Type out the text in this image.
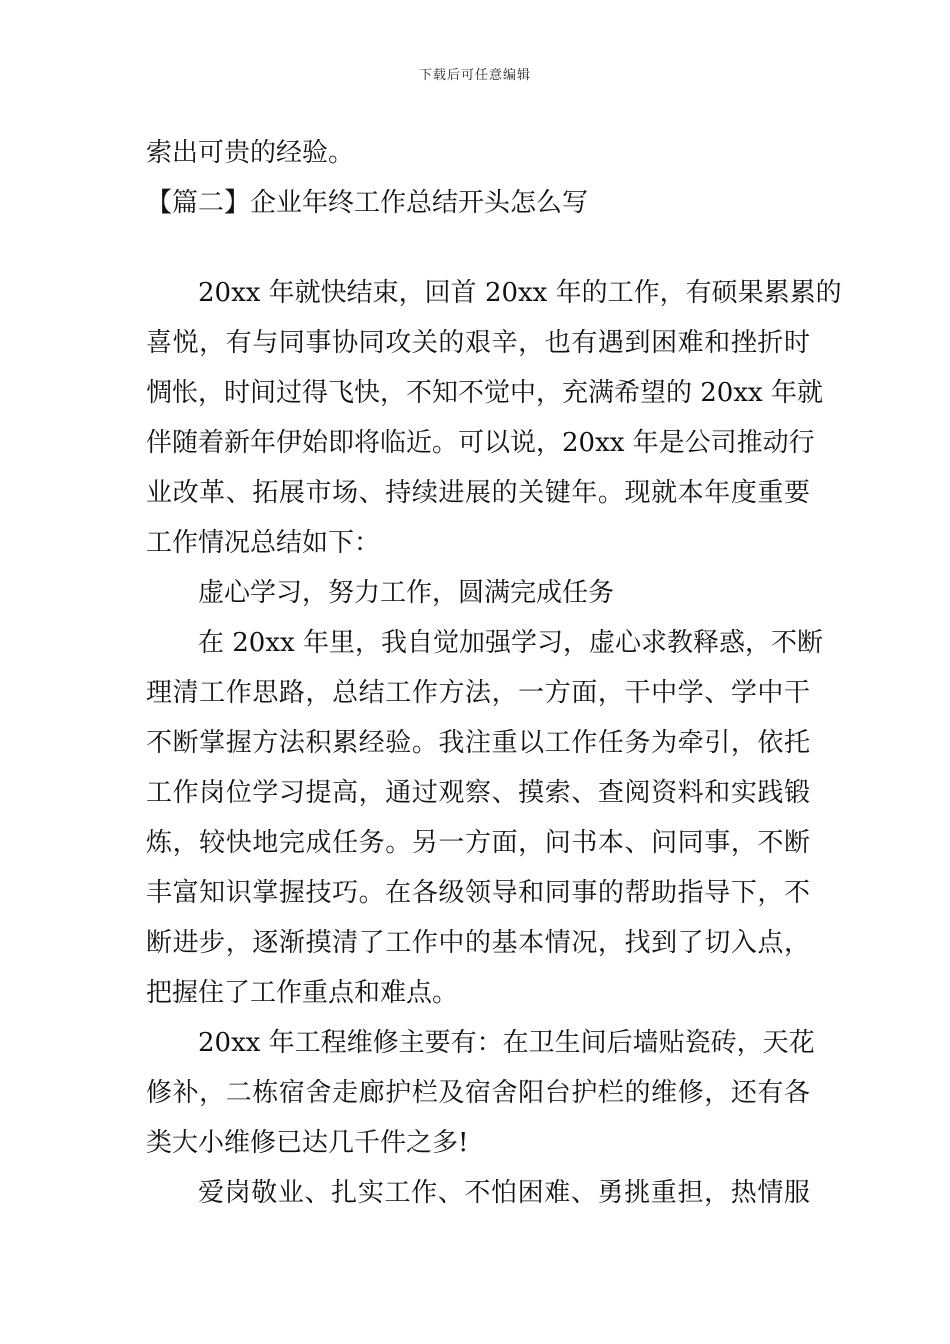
下载后可任意编辑
索出可贵的经验。
【篇二】企业年终工作总结开头怎么写
20xx 年就快结束，回首 20xx 年的工作，有硕果累累的
喜悦，有与同事协同攻关的艰辛，也有遇到困难和挫折时
惆怅，时间过得飞快，不知不觉中，充满希望的 20xx 年就
伴随着新年伊始即将临近。可以说，20xx 年是公司推动行
业改革、拓展市场、持续进展的关键年。现就本年度重要
工作情况总结如下：
虚心学习，努力工作，圆满完成任务
在 20xx 年里，我自觉加强学习，虚心求教释惑，不断
理清工作思路，总结工作方法，一方面，干中学、学中干
不断掌握方法积累经验。我注重以工作任务为牵引，依托
工作岗位学习提高，通过观察、摸索、查阅资料和实践锻
炼，较快地完成任务。另一方面，问书本、问同事，不断
丰富知识掌握技巧。在各级领导和同事的帮助指导下，不
断进步，逐渐摸清了工作中的基本情况，找到了切入点，
把握住了工作重点和难点。
20xx 年工程维修主要有：在卫生间后墙贴瓷砖，天花
修补，二栋宿舍走廊护栏及宿舍阳台护栏的维修，还有各
类大小维修已达几千件之多!
爱岗敬业、扎实工作、不怕困难、勇挑重担，热情服
